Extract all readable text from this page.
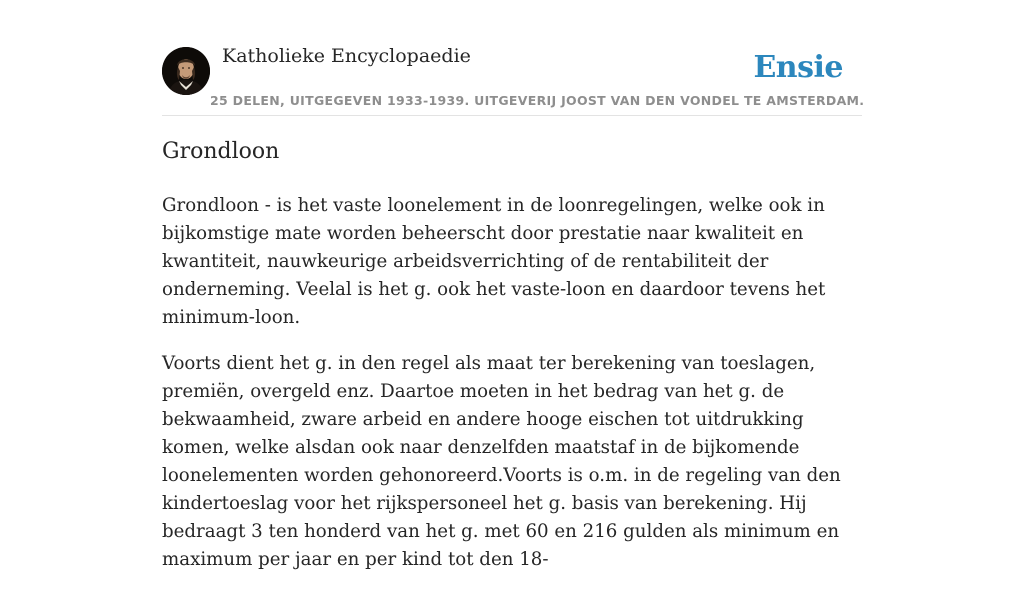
Katholieke Encyclopaedie
25 DELEN, UITGEGEVEN 1933-1939. UITGEVERIJ JOOST VAN DEN VONDEL TE AMSTERDAM.
Ensie
Grondloon

Grondloon - is het vaste loonelement in de loonregelingen, welke ook in bijkomstige mate worden beheerscht door prestatie naar kwaliteit en kwantiteit, nauwkeurige arbeidsverrichting of de rentabiliteit der onderneming. Veelal is het g. ook het vaste-loon en daardoor tevens het minimum-loon.

Voorts dient het g. in den regel als maat ter berekening van toeslagen, premiën, overgeld enz. Daartoe moeten in het bedrag van het g. de bekwaamheid, zware arbeid en andere hooge eischen tot uitdrukking komen, welke alsdan ook naar denzelfden maatstaf in de bijkomende loonelementen worden gehonoreerd.Voorts is o.m. in de regeling van den kindertoeslag voor het rijkspersoneel het g. basis van berekening. Hij bedraagt 3 ten honderd van het g. met 60 en 216 gulden als minimum en maximum per jaar en per kind tot den 18-
